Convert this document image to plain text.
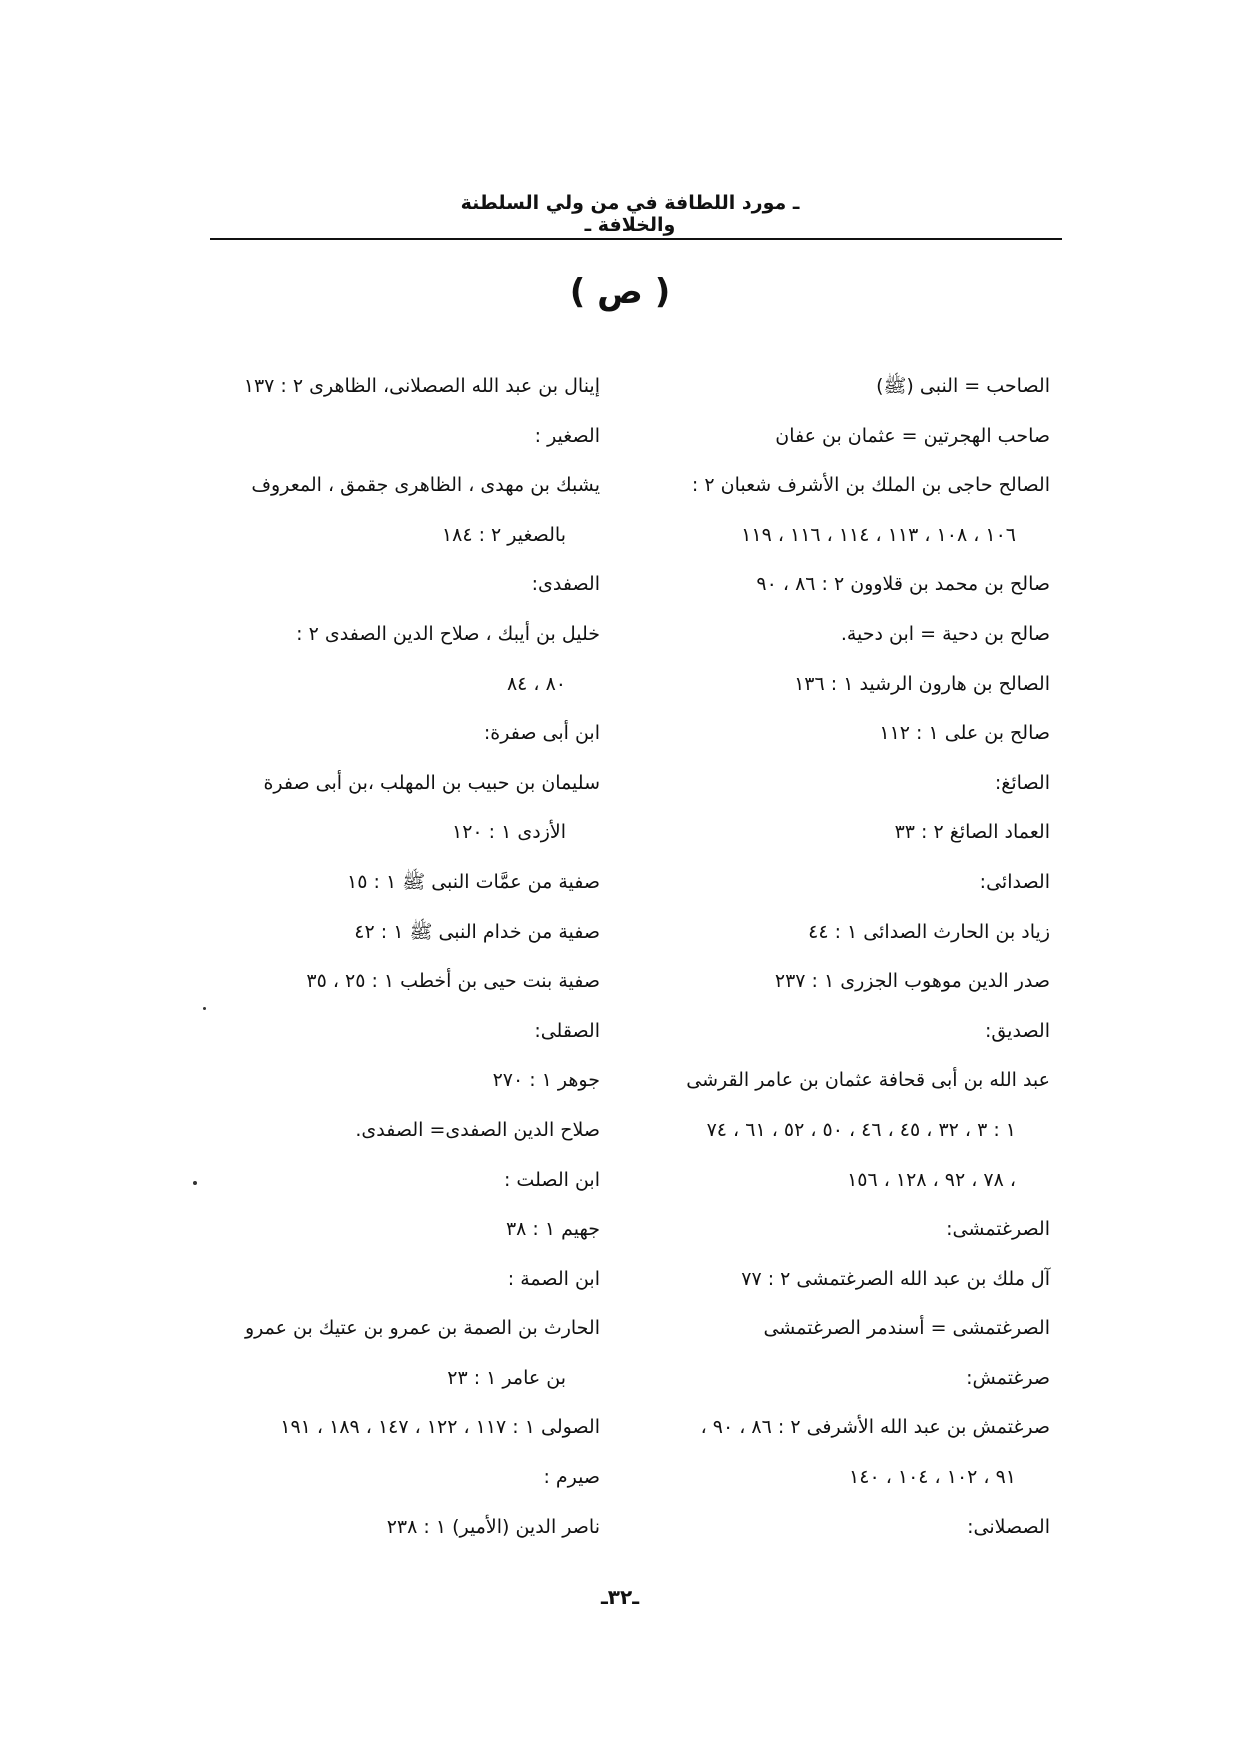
ـ مورد اللطافة في من ولي السلطنة والخلافة ـ
( ص )
الصاحب = النبى (ﷺ)
صاحب الهجرتين = عثمان بن عفان
الصالح حاجى بن الملك بن الأشرف شعبان ٢ :
١٠٦ ، ١٠٨ ، ١١٣ ، ١١٤ ، ١١٦ ، ١١٩
صالح بن محمد بن قلاوون ٢ : ٨٦ ، ٩٠
صالح بن دحية = ابن دحية.
الصالح بن هارون الرشيد ١ : ١٣٦
صالح بن على ١ : ١١٢
الصائغ:
العماد الصائغ ٢ : ٣٣
الصدائى:
زياد بن الحارث الصدائى ١ : ٤٤
صدر الدين موهوب الجزرى ١ : ٢٣٧
الصديق:
عبد الله بن أبى قحافة عثمان بن عامر القرشى
١ : ٣ ، ٣٢ ، ٤٥ ، ٤٦ ، ٥٠ ، ٥٢ ، ٦١ ، ٧٤
، ٧٨ ، ٩٢ ، ١٢٨ ، ١٥٦
الصرغتمشى:
آل ملك بن عبد الله الصرغتمشى ٢ : ٧٧
الصرغتمشى = أسندمر الصرغتمشى
صرغتمش:
صرغتمش بن عبد الله الأشرفى ٢ : ٨٦ ، ٩٠ ،
٩١ ، ١٠٢ ، ١٠٤ ، ١٤٠
الصصلانى:
إينال بن عبد الله الصصلانى، الظاهرى ٢ : ١٣٧
الصغير :
يشبك بن مهدى ، الظاهرى جقمق ، المعروف
بالصغير ٢ : ١٨٤
الصفدى:
خليل بن أيبك ، صلاح الدين الصفدى ٢ :
٨٠ ، ٨٤
ابن أبى صفرة:
سليمان بن حبيب بن المهلب ،بن أبى صفرة
الأزدى ١ : ١٢٠
صفية من عمَّات النبى ﷺ ١ : ١٥
صفية من خدام النبى ﷺ ١ : ٤٢
صفية بنت حيى بن أخطب ١ : ٢٥ ، ٣٥
الصقلى:
جوهر ١ : ٢٧٠
صلاح الدين الصفدى= الصفدى.
ابن الصلت :
جهيم ١ : ٣٨
ابن الصمة :
الحارث بن الصمة بن عمرو بن عتيك بن عمرو
بن عامر ١ : ٢٣
الصولى ١ : ١١٧ ، ١٢٢ ، ١٤٧ ، ١٨٩ ، ١٩١
صيرم :
ناصر الدين (الأمير) ١ : ٢٣٨
ـ٣٢ـ
